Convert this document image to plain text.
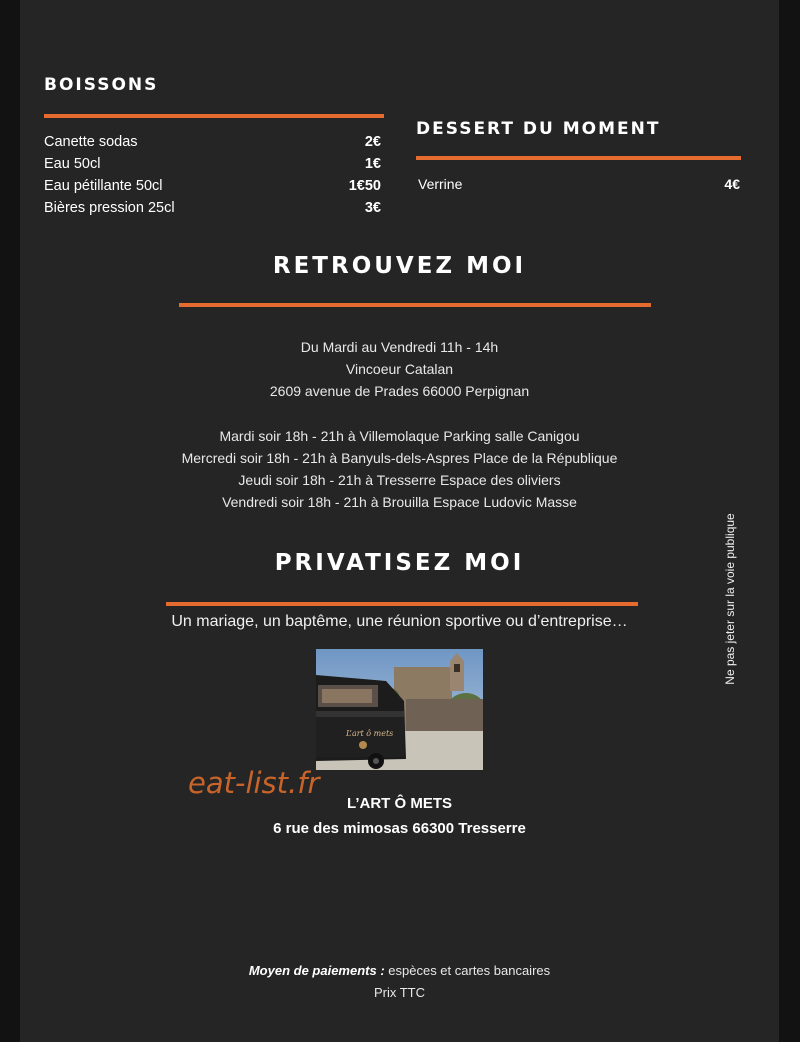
BOISSONS
Canette sodas	2€
Eau 50cl	1€
Eau pétillante 50cl	1€50
Bières pression 25cl	3€
DESSERT DU MOMENT
Verrine	4€
RETROUVEZ MOI
Du Mardi au Vendredi 11h - 14h
Vincoeur Catalan
2609 avenue de Prades 66000 Perpignan
Mardi soir 18h - 21h à Villemolaque Parking salle Canigou
Mercredi soir 18h - 21h à Banyuls-dels-Aspres Place de la République
Jeudi soir 18h - 21h à Tresserre Espace des oliviers
Vendredi soir 18h - 21h à Brouilla Espace Ludovic Masse
PRIVATISEZ MOI
Un mariage, un baptême, une réunion sportive ou d’entreprise…
L’art ô mets
eat-list.fr
L’ART Ô METS
6 rue des mimosas 66300 Tresserre
Moyen de paiements : espèces et cartes bancaires
Prix TTC
Ne pas jeter sur la voie publique
